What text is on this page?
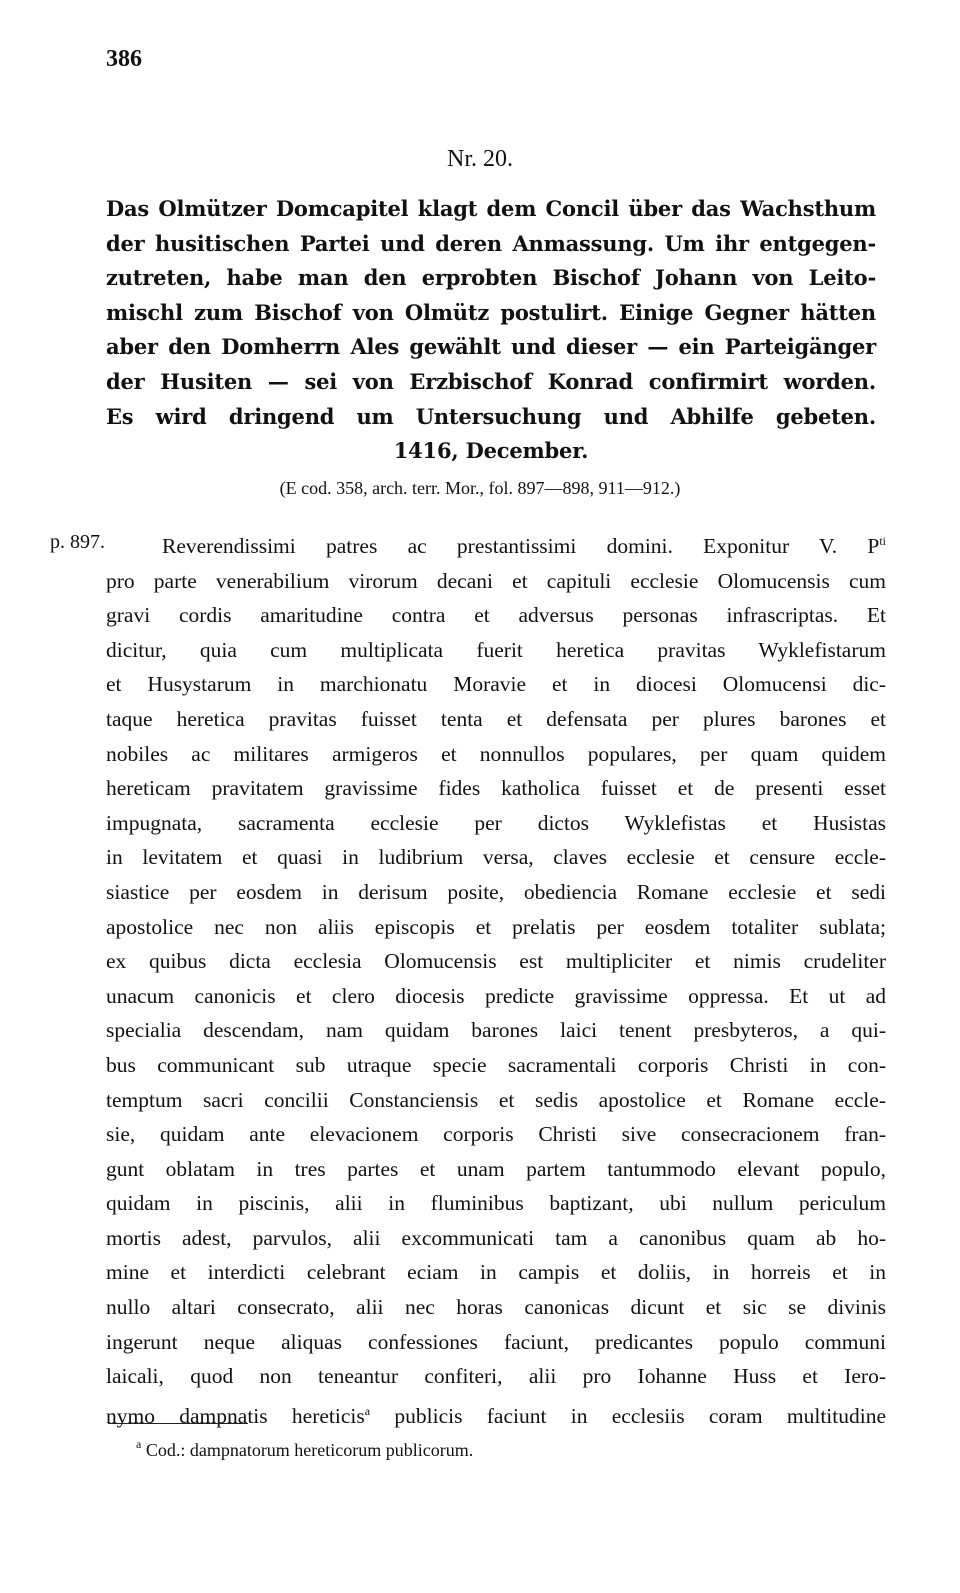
386
Nr. 20.
Das Olmützer Domcapitel klagt dem Concil über das Wachsthum
der husitischen Partei und deren Anmassung. Um ihr entgegen-
zutreten, habe man den erprobten Bischof Johann von Leito-
mischl zum Bischof von Olmütz postulirt. Einige Gegner hätten
aber den Domherrn Ales gewählt und dieser — ein Parteigänger
der Husiten — sei von Erzbischof Konrad confirmirt worden.
Es wird dringend um Untersuchung und Abhilfe gebeten.
1416, December.
(E cod. 358, arch. terr. Mor., fol. 897—898, 911—912.)
p. 897.	Reverendissimi patres ac prestantissimi domini. Exponitur V. P$^{ti}$
pro parte venerabilium virorum decani et capituli ecclesie Olomucensis cum
gravi cordis amaritudine contra et adversus personas infrascriptas. Et
dicitur, quia cum multiplicata fuerit heretica pravitas Wyklefistarum
et Husystarum in marchionatu Moravie et in diocesi Olomucensi dic-
taque heretica pravitas fuisset tenta et defensata per plures barones et
nobiles ac militares armigeros et nonnullos populares, per quam quidem
hereticam pravitatem gravissime fides katholica fuisset et de presenti esset
impugnata, sacramenta ecclesie per dictos Wyklefistas et Husistas
in levitatem et quasi in ludibrium versa, claves ecclesie et censure eccle-
siastice per eosdem in derisum posite, obediencia Romane ecclesie et sedi
apostolice nec non aliis episcopis et prelatis per eosdem totaliter sublata;
ex quibus dicta ecclesia Olomucensis est multipliciter et nimis crudeliter
unacum canonicis et clero diocesis predicte gravissime oppressa. Et ut ad
specialia descendam, nam quidam barones laici tenent presbyteros, a qui-
bus communicant sub utraque specie sacramentali corporis Christi in con-
temptum sacri concilii Constanciensis et sedis apostolice et Romane eccle-
sie, quidam ante elevacionem corporis Christi sive consecracionem fran-
gunt oblatam in tres partes et unam partem tantummodo elevant populo,
quidam in piscinis, alii in fluminibus baptizant, ubi nullum periculum
mortis adest, parvulos, alii excommunicati tam a canonibus quam ab ho-
mine et interdicti celebrant eciam in campis et doliis, in horreis et in
nullo altari consecrato, alii nec horas canonicas dicunt et sic se divinis
ingerunt neque aliquas confessiones faciunt, predicantes populo communi
laicali, quod non teneantur confiteri, alii pro Iohanne Huss et Iero-
nymo dampnatis hereticis$^a$ publicis faciunt in ecclesiis coram multitudine
$^a$ Cod.: dampnatorum hereticorum publicorum.
